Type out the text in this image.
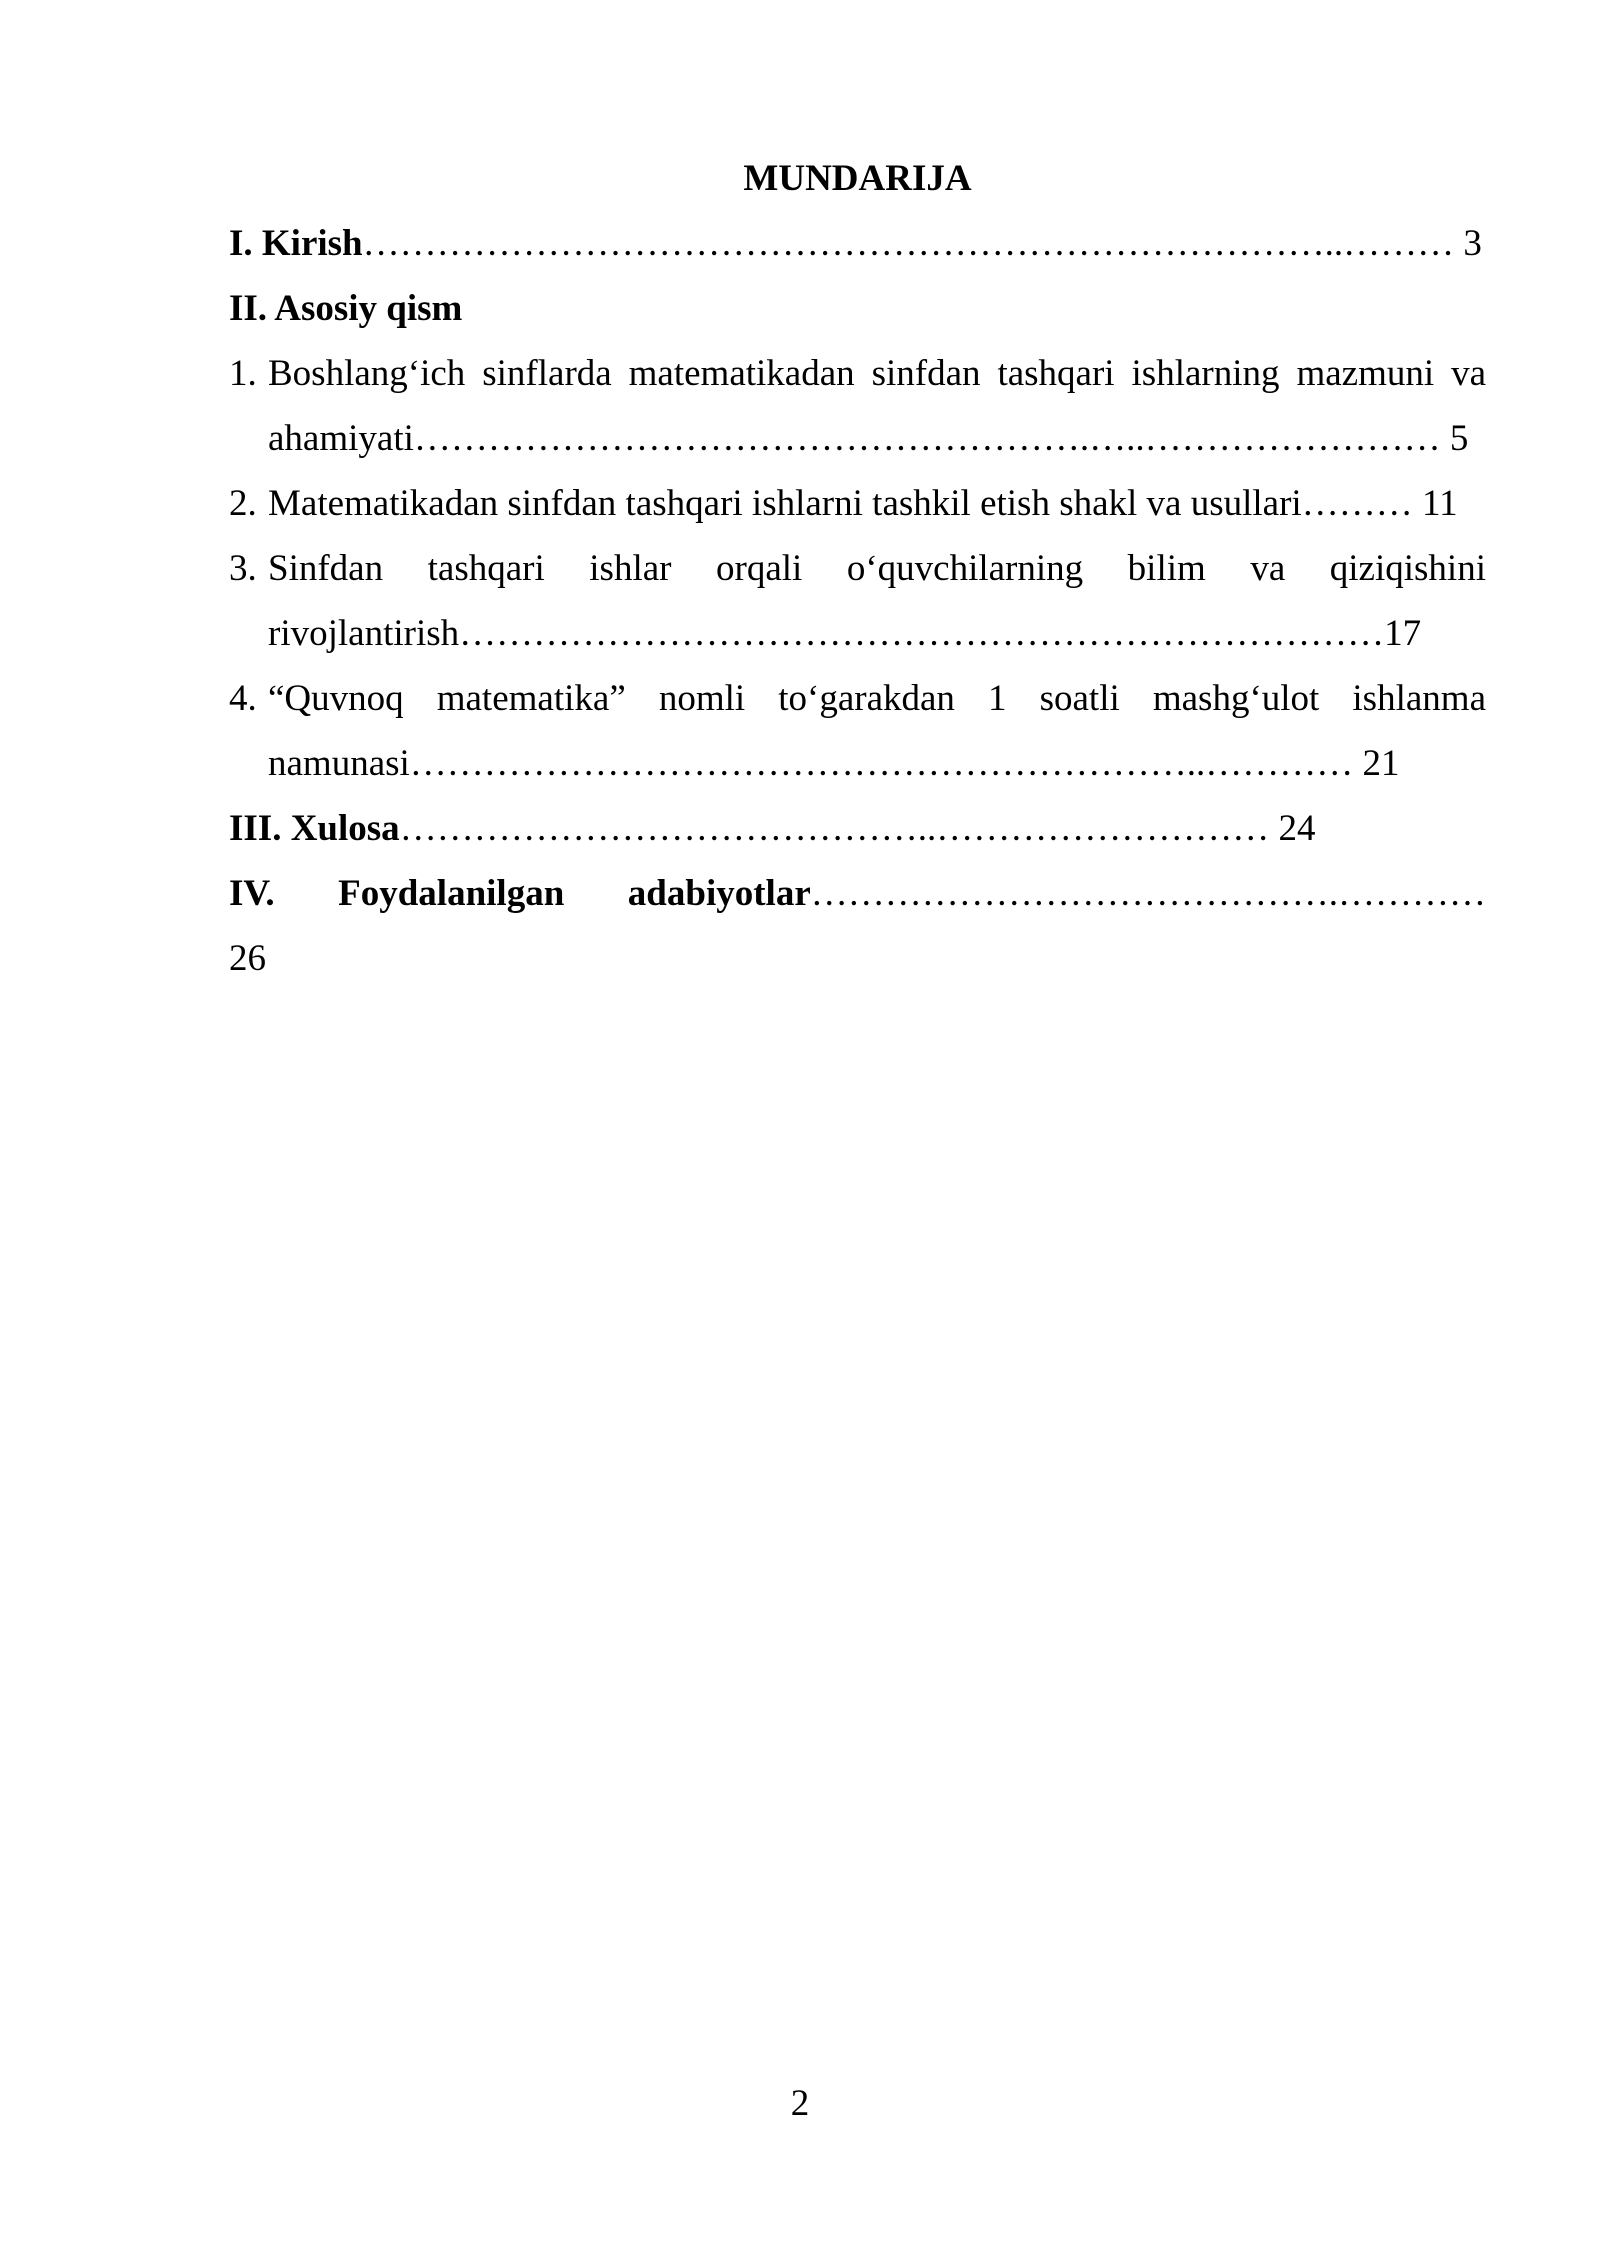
MUNDARIJA
I. Kirish……………………………………………………………………..……… 3
II. Asosiy qism
1. Boshlang‘ich sinflarda matematikadan sinfdan tashqari ishlarning mazmuni va
ahamiyati……………………………………………….…..…………………… 5
2. Matematikadan sinfdan tashqari ishlarni tashkil etish shakl va usullari……… 11
3. Sinfdan tashqari ishlar orqali o‘quvchilarning bilim va qiziqishini
rivojlantirish…………………………………………………………………17
4. “Quvnoq matematika” nomli to‘garakdan 1 soatli mashg‘ulot ishlanma
namunasi………………………………………………………..………… 21
III. Xulosa……………………………………..……………………… 24
IV. Foydalanilgan adabiyotlar…………………………………….…………
26
2
